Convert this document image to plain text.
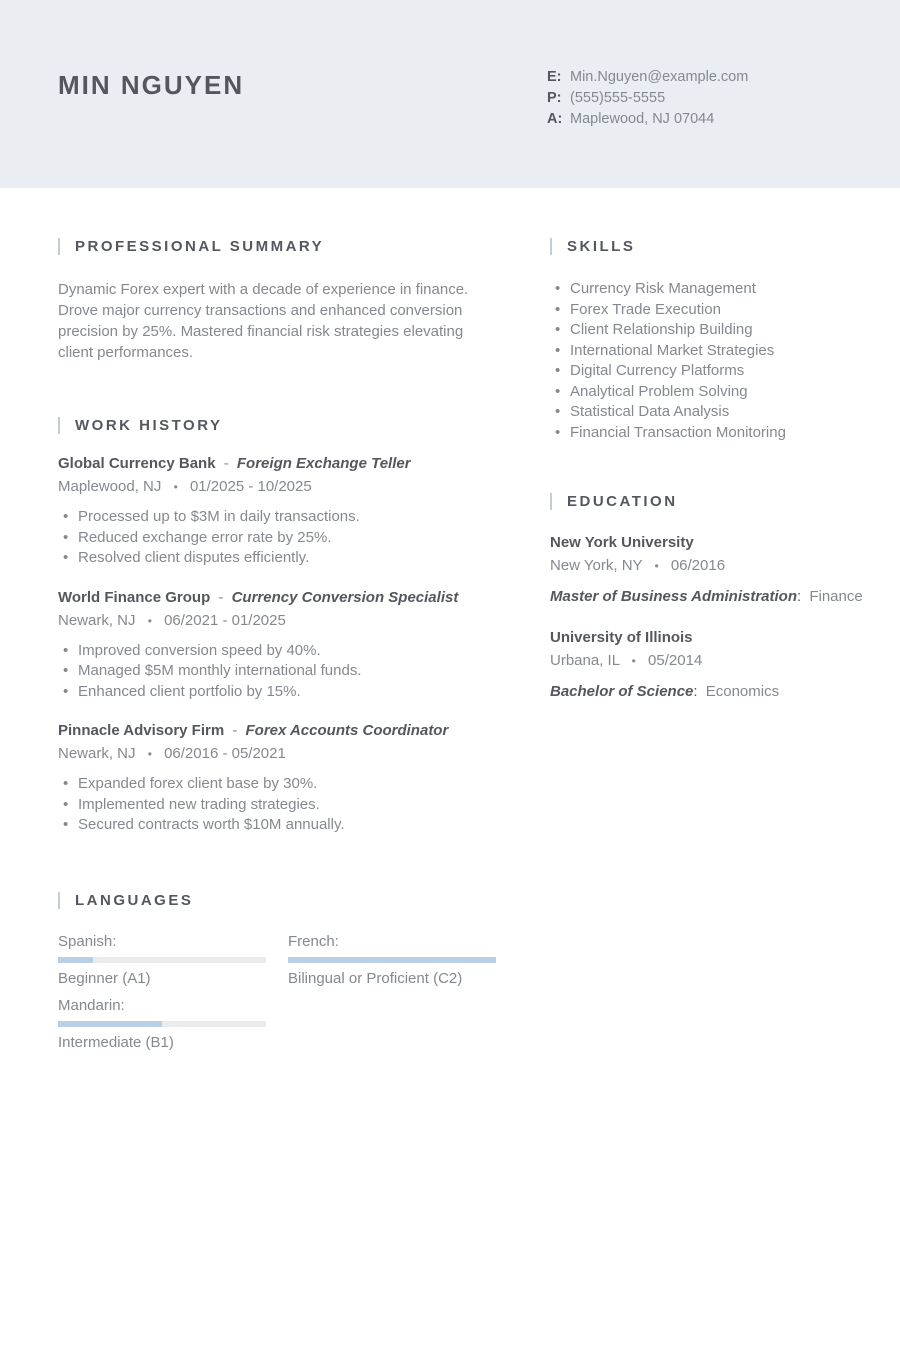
MIN NGUYEN	E: Min.Nguyen@example.com
P: (555)555-5555
A: Maplewood, NJ 07044
PROFESSIONAL SUMMARY

Dynamic Forex expert with a decade of experience in finance. Drove major currency transactions and enhanced conversion precision by 25%. Mastered financial risk strategies elevating client performances.

WORK HISTORY
Global Currency Bank - Foreign Exchange Teller
Maplewood, NJ • 01/2025 - 10/2025
• Processed up to $3M in daily transactions.
• Reduced exchange error rate by 25%.
• Resolved client disputes efficiently.
World Finance Group - Currency Conversion Specialist
Newark, NJ • 06/2021 - 01/2025
• Improved conversion speed by 40%.
• Managed $5M monthly international funds.
• Enhanced client portfolio by 15%.
Pinnacle Advisory Firm - Forex Accounts Coordinator
Newark, NJ • 06/2016 - 05/2021
• Expanded forex client base by 30%.
• Implemented new trading strategies.
• Secured contracts worth $10M annually.
LANGUAGES
Spanish:
Beginner (A1)
French:
Bilingual or Proficient (C2)
Mandarin:
Intermediate (B1)
SKILLS
• Currency Risk Management
• Forex Trade Execution
• Client Relationship Building
• International Market Strategies
• Digital Currency Platforms
• Analytical Problem Solving
• Statistical Data Analysis
• Financial Transaction Monitoring
EDUCATION
New York University
New York, NY • 06/2016
Master of Business Administration: Finance
University of Illinois
Urbana, IL • 05/2014
Bachelor of Science: Economics
